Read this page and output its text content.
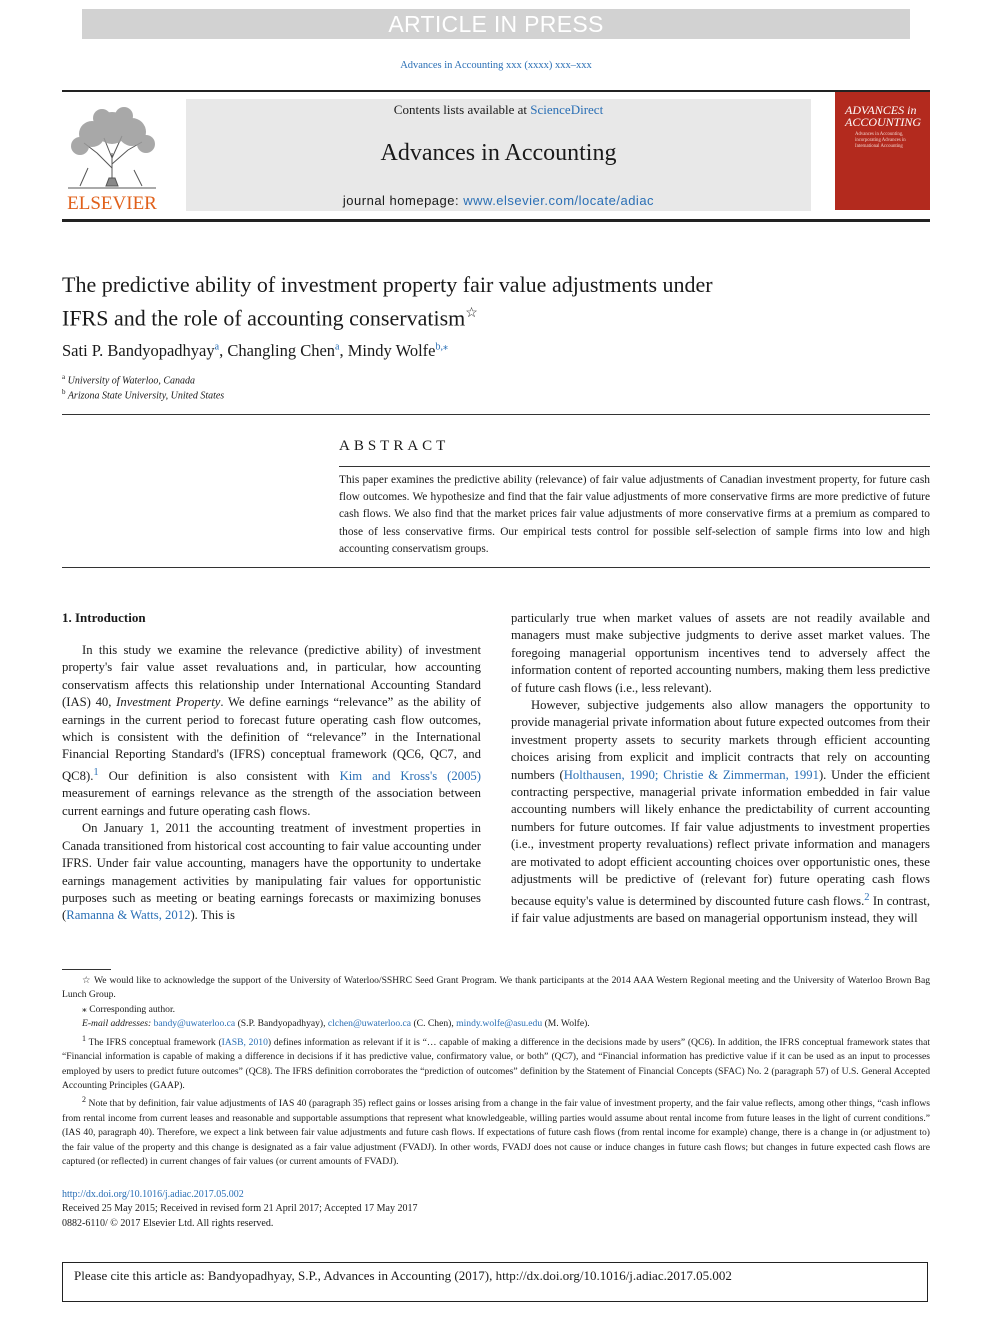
ARTICLE IN PRESS
Advances in Accounting xxx (xxxx) xxx–xxx
ELSEVIER
Contents lists available at ScienceDirect
Advances in Accounting
journal homepage: www.elsevier.com/locate/adiac
ADVANCES in ACCOUNTING
Advances in Accounting, incorporating Advances in International Accounting
The predictive ability of investment property fair value adjustments under
IFRS and the role of accounting conservatism☆
Sati P. Bandyopadhyay$^a$, Changling Chen$^a$, Mindy Wolfe$^{b,⁎}$
$^a$ University of Waterloo, Canada
$^b$ Arizona State University, United States
ABSTRACT
This paper examines the predictive ability (relevance) of fair value adjustments of Canadian investment property, for future cash flow outcomes. We hypothesize and find that the fair value adjustments of more conservative firms are more predictive of future cash flows. We also find that the market prices fair value adjustments of more conservative firms at a premium as compared to those of less conservative firms. Our empirical tests control for possible self-selection of sample firms into low and high accounting conservatism groups.
1. Introduction

In this study we examine the relevance (predictive ability) of investment property's fair value asset revaluations and, in particular, how accounting conservatism affects this relationship under International Accounting Standard (IAS) 40, Investment Property. We define earnings “relevance” as the ability of earnings in the current period to forecast future operating cash flow outcomes, which is consistent with the definition of “relevance” in the International Financial Reporting Standard's (IFRS) conceptual framework (QC6, QC7, and QC8).$^1$ Our definition is also consistent with Kim and Kross's (2005) measurement of earnings relevance as the strength of the association between current earnings and future operating cash flows.

On January 1, 2011 the accounting treatment of investment properties in Canada transitioned from historical cost accounting to fair value accounting under IFRS. Under fair value accounting, managers have the opportunity to undertake earnings management activities by manipulating fair values for opportunistic purposes such as meeting or beating earnings forecasts or maximizing bonuses (Ramanna & Watts, 2012). This is

particularly true when market values of assets are not readily available and managers must make subjective judgments to derive asset market values. The foregoing managerial opportunism incentives tend to adversely affect the information content of reported accounting numbers, making them less predictive of future cash flows (i.e., less relevant).

However, subjective judgements also allow managers the opportunity to provide managerial private information about future expected outcomes from their investment property assets to security markets through efficient accounting choices arising from explicit and implicit contracts that rely on accounting numbers (Holthausen, 1990; Christie & Zimmerman, 1991). Under the efficient contracting perspective, managerial private information embedded in fair value accounting numbers will likely enhance the predictability of current accounting numbers for future outcomes. If fair value adjustments to investment properties (i.e., investment property revaluations) reflect private information and managers are motivated to adopt efficient accounting choices over opportunistic ones, these adjustments will be predictive of (relevant for) future operating cash flows because equity's value is determined by discounted future cash flows.$^2$ In contrast, if fair value adjustments are based on managerial opportunism instead, they will

☆ We would like to acknowledge the support of the University of Waterloo/SSHRC Seed Grant Program. We thank participants at the 2014 AAA Western Regional meeting and the University of Waterloo Brown Bag Lunch Group.

⁎ Corresponding author.

E-mail addresses: bandy@uwaterloo.ca (S.P. Bandyopadhyay), clchen@uwaterloo.ca (C. Chen), mindy.wolfe@asu.edu (M. Wolfe).

$^1$ The IFRS conceptual framework (IASB, 2010) defines information as relevant if it is “… capable of making a difference in the decisions made by users” (QC6). In addition, the IFRS conceptual framework states that “Financial information is capable of making a difference in decisions if it has predictive value, confirmatory value, or both” (QC7), and “Financial information has predictive value if it can be used as an input to processes employed by users to predict future outcomes” (QC8). The IFRS definition corroborates the “prediction of outcomes” definition by the Statement of Financial Concepts (SFAC) No. 2 (paragraph 57) of U.S. General Accepted Accounting Principles (GAAP).

$^2$ Note that by definition, fair value adjustments of IAS 40 (paragraph 35) reflect gains or losses arising from a change in the fair value of investment property, and the fair value reflects, among other things, “cash inflows from rental income from current leases and reasonable and supportable assumptions that represent what knowledgeable, willing parties would assume about rental income from future leases in the light of current conditions.” (IAS 40, paragraph 40). Therefore, we expect a link between fair value adjustments and future cash flows. If expectations of future cash flows (from rental income for example) change, there is a change in (or adjustment to) the fair value of the property and this change is designated as a fair value adjustment (FVADJ). In other words, FVADJ does not cause or induce changes in future cash flows; but changes in future expected cash flows are captured (or reflected) in current changes of fair values (or current amounts of FVADJ).

http://dx.doi.org/10.1016/j.adiac.2017.05.002
Received 25 May 2015; Received in revised form 21 April 2017; Accepted 17 May 2017
0882-6110/ © 2017 Elsevier Ltd. All rights reserved.
Please cite this article as: Bandyopadhyay, S.P., Advances in Accounting (2017), http://dx.doi.org/10.1016/j.adiac.2017.05.002
